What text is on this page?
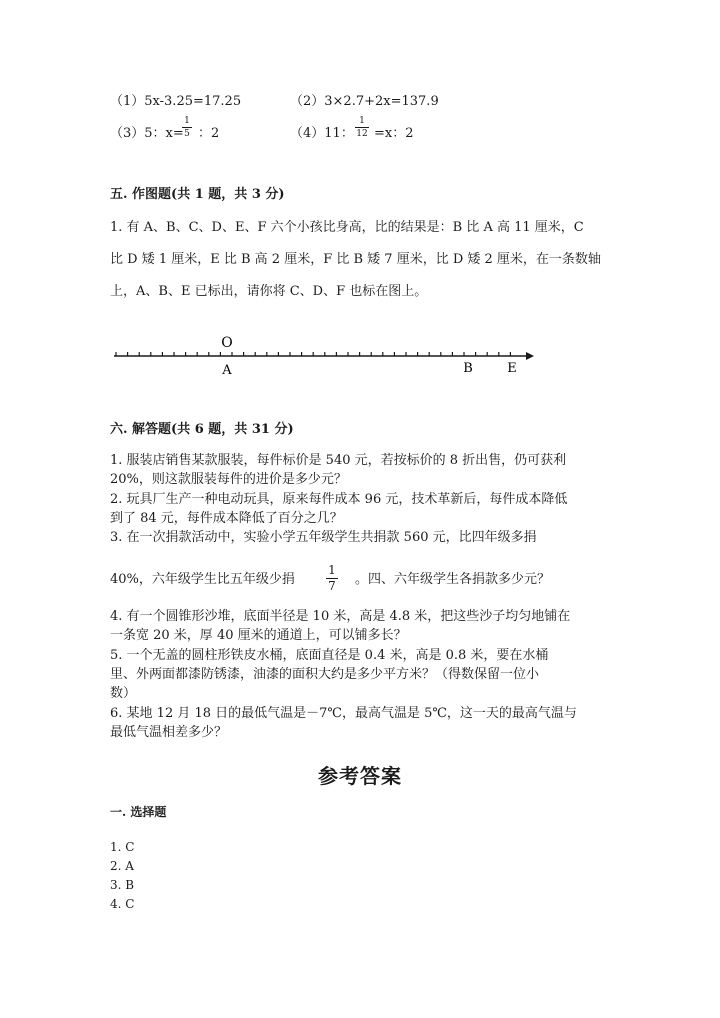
（1）5x-3.25=17.25	（2）3×2.7+2x=137.9
（3）5：x=
1
5 ：2	（4）11：
1
12 =x：2
五. 作图题(共 1 题，共 3 分)
1. 有 A、B、C、D、E、F 六个小孩比身高，比的结果是：B 比 A 高 11 厘米，C
比 D 矮 1 厘米，E 比 B 高 2 厘米，F 比 B 矮 7 厘米，比 D 矮 2 厘米，在一条数轴
上，A、B、E 已标出，请你将 C、D、F 也标在图上。
O
A	B	E
六. 解答题(共 6 题，共 31 分)
1. 服装店销售某款服装，每件标价是 540 元，若按标价的 8 折出售，仍可获利
20%，则这款服装每件的进价是多少元？
2. 玩具厂生产一种电动玩具，原来每件成本 96 元，技术革新后，每件成本降低
到了 84 元，每件成本降低了百分之几？
3. 在一次捐款活动中，实验小学五年级学生共捐款 560 元，比四年级多捐
40%，六年级学生比五年级少捐
1
7 。四、六年级学生各捐款多少元？
4. 有一个圆锥形沙堆，底面半径是 10 米，高是 4.8 米，把这些沙子均匀地铺在
一条宽 20 米，厚 40 厘米的通道上，可以铺多长？
5. 一个无盖的圆柱形铁皮水桶，底面直径是 0.4 米，高是 0.8 米，要在水桶
里、外两面都漆防锈漆，油漆的面积大约是多少平方米？（得数保留一位小
数）
6. 某地 12 月 18 日的最低气温是－7℃，最高气温是 5℃，这一天的最高气温与
最低气温相差多少？
参考答案
一. 选择题
1. C
2. A
3. B
4. C
